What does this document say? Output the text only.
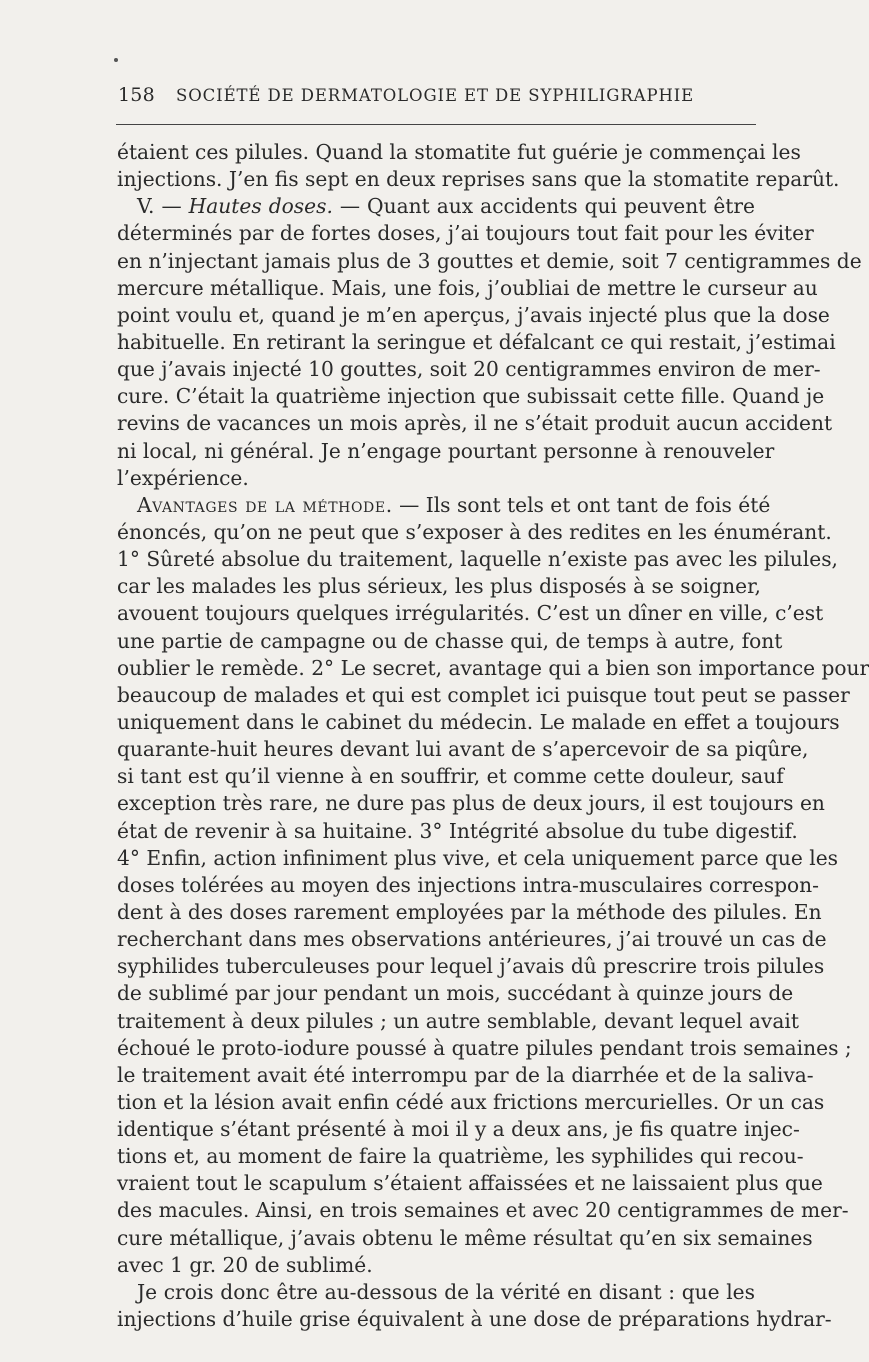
158 SOCIÉTÉ DE DERMATOLOGIE ET DE SYPHILIGRAPHIE
étaient ces pilules. Quand la stomatite fut guérie je commençai les
injections. J’en fis sept en deux reprises sans que la stomatite reparût.
V. — Hautes doses. — Quant aux accidents qui peuvent être
déterminés par de fortes doses, j’ai toujours tout fait pour les éviter
en n’injectant jamais plus de 3 gouttes et demie, soit 7 centigrammes de
mercure métallique. Mais, une fois, j’oubliai de mettre le curseur au
point voulu et, quand je m’en aperçus, j’avais injecté plus que la dose
habituelle. En retirant la seringue et défalcant ce qui restait, j’estimai
que j’avais injecté 10 gouttes, soit 20 centigrammes environ de mer-
cure. C’était la quatrième injection que subissait cette fille. Quand je
revins de vacances un mois après, il ne s’était produit aucun accident
ni local, ni général. Je n’engage pourtant personne à renouveler
l’expérience.
Avantages de la méthode. — Ils sont tels et ont tant de fois été
énoncés, qu’on ne peut que s’exposer à des redites en les énumérant.
1° Sûreté absolue du traitement, laquelle n’existe pas avec les pilules,
car les malades les plus sérieux, les plus disposés à se soigner,
avouent toujours quelques irrégularités. C’est un dîner en ville, c’est
une partie de campagne ou de chasse qui, de temps à autre, font
oublier le remède. 2° Le secret, avantage qui a bien son importance pour
beaucoup de malades et qui est complet ici puisque tout peut se passer
uniquement dans le cabinet du médecin. Le malade en effet a toujours
quarante-huit heures devant lui avant de s’apercevoir de sa piqûre,
si tant est qu’il vienne à en souffrir, et comme cette douleur, sauf
exception très rare, ne dure pas plus de deux jours, il est toujours en
état de revenir à sa huitaine. 3° Intégrité absolue du tube digestif.
4° Enfin, action infiniment plus vive, et cela uniquement parce que les
doses tolérées au moyen des injections intra-musculaires correspon-
dent à des doses rarement employées par la méthode des pilules. En
recherchant dans mes observations antérieures, j’ai trouvé un cas de
syphilides tuberculeuses pour lequel j’avais dû prescrire trois pilules
de sublimé par jour pendant un mois, succédant à quinze jours de
traitement à deux pilules ; un autre semblable, devant lequel avait
échoué le proto-iodure poussé à quatre pilules pendant trois semaines ;
le traitement avait été interrompu par de la diarrhée et de la saliva-
tion et la lésion avait enfin cédé aux frictions mercurielles. Or un cas
identique s’étant présenté à moi il y a deux ans, je fis quatre injec-
tions et, au moment de faire la quatrième, les syphilides qui recou-
vraient tout le scapulum s’étaient affaissées et ne laissaient plus que
des macules. Ainsi, en trois semaines et avec 20 centigrammes de mer-
cure métallique, j’avais obtenu le même résultat qu’en six semaines
avec 1 gr. 20 de sublimé.
Je crois donc être au-dessous de la vérité en disant : que les
injections d’huile grise équivalent à une dose de préparations hydrar-
